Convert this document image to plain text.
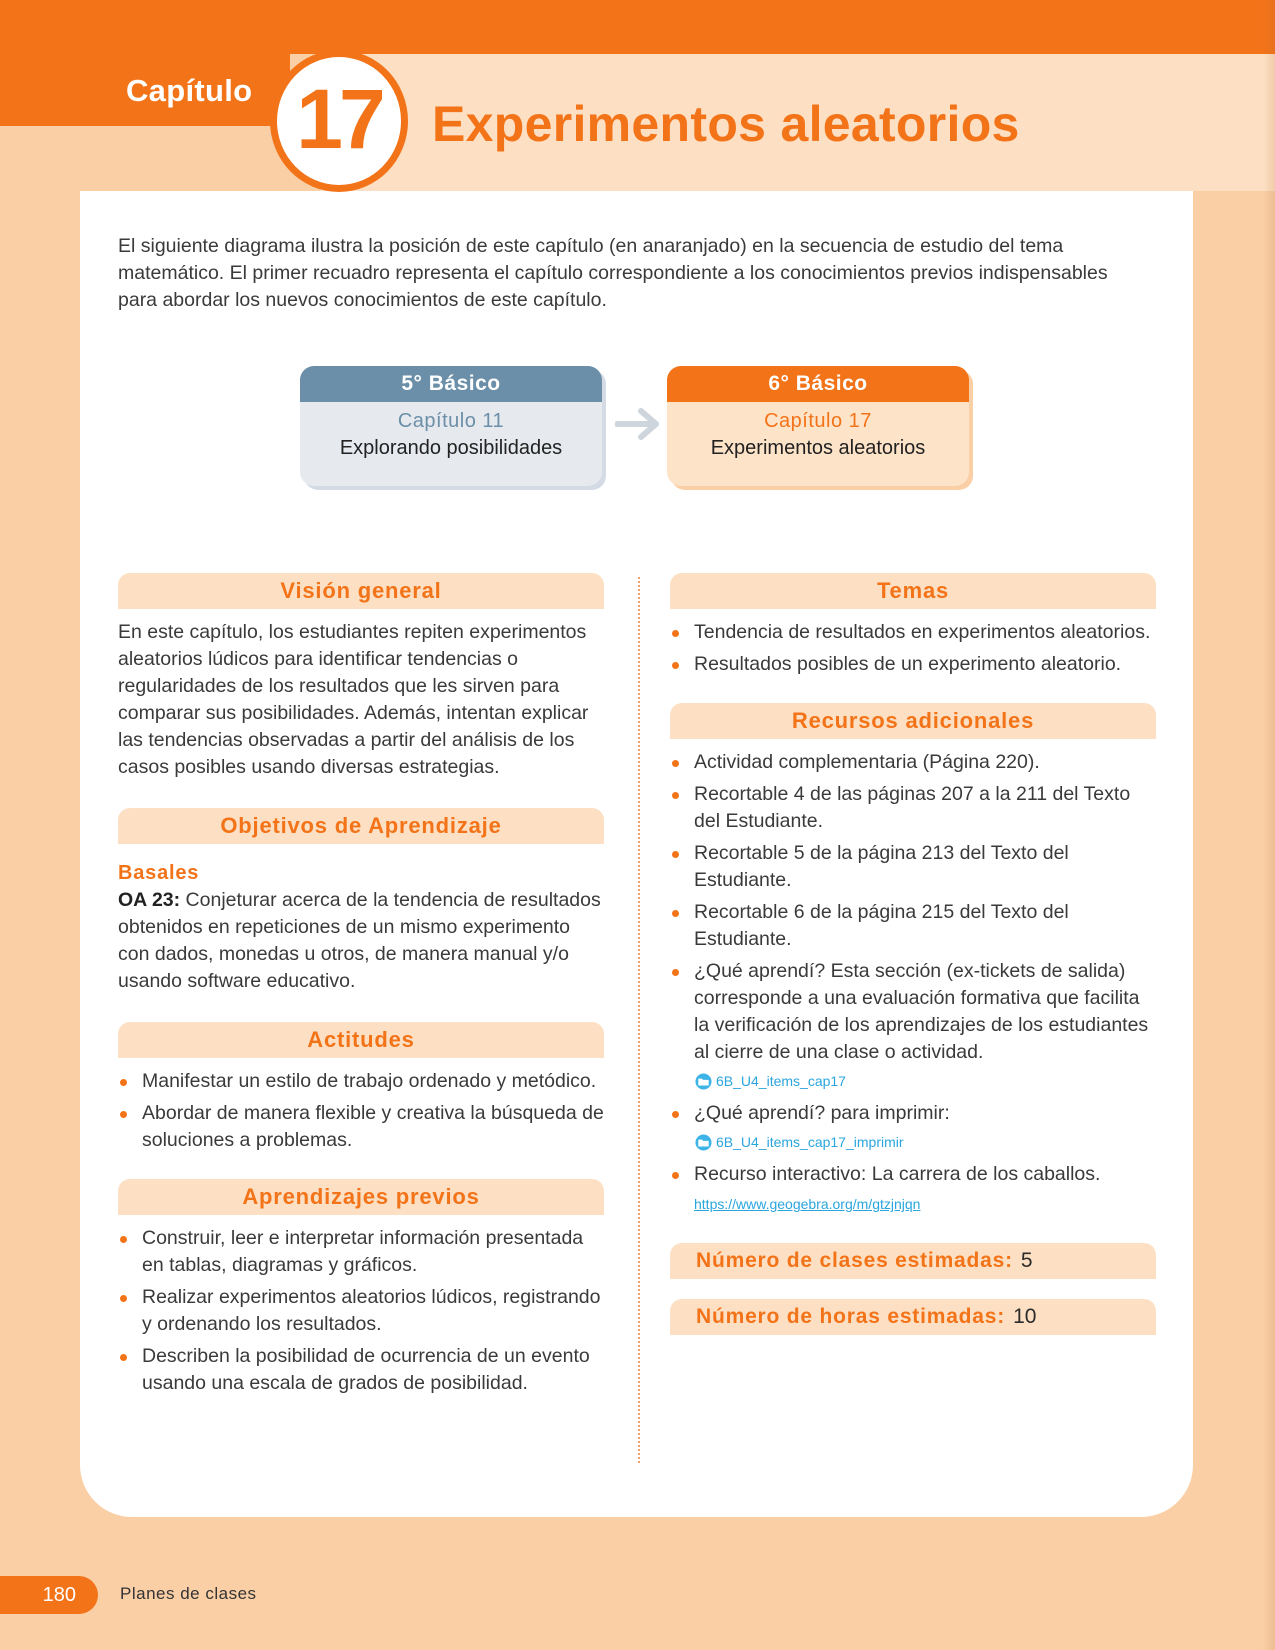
Capítulo 17 Experimentos aleatorios

El siguiente diagrama ilustra la posición de este capítulo (en anaranjado) en la secuencia de estudio del tema matemático. El primer recuadro representa el capítulo correspondiente a los conocimientos previos indispensables para abordar los nuevos conocimientos de este capítulo.

5° Básico
Capítulo 11
Explorando posibilidades
6° Básico
Capítulo 17
Experimentos aleatorios
Visión general

En este capítulo, los estudiantes repiten experimentos aleatorios lúdicos para identificar tendencias o regularidades de los resultados que les sirven para comparar sus posibilidades. Además, intentan explicar las tendencias observadas a partir del análisis de los casos posibles usando diversas estrategias.

Objetivos de Aprendizaje
Basales

OA 23: Conjeturar acerca de la tendencia de resultados obtenidos en repeticiones de un mismo experimento con dados, monedas u otros, de manera manual y/o usando software educativo.

Actitudes
Manifestar un estilo de trabajo ordenado y metódico.
Abordar de manera flexible y creativa la búsqueda de soluciones a problemas.
Aprendizajes previos
Construir, leer e interpretar información presentada en tablas, diagramas y gráficos.
Realizar experimentos aleatorios lúdicos, registrando y ordenando los resultados.
Describen la posibilidad de ocurrencia de un evento usando una escala de grados de posibilidad.
Temas
Tendencia de resultados en experimentos aleatorios.
Resultados posibles de un experimento aleatorio.
Recursos adicionales
Actividad complementaria (Página 220).
Recortable 4 de las páginas 207 a la 211 del Texto del Estudiante.
Recortable 5 de la página 213 del Texto del Estudiante.
Recortable 6 de la página 215 del Texto del Estudiante.
¿Qué aprendí? Esta sección (ex-tickets de salida) corresponde a una evaluación formativa que facilita la verificación de los aprendizajes de los estudiantes al cierre de una clase o actividad.
6B_U4_items_cap17
¿Qué aprendí? para imprimir:
6B_U4_items_cap17_imprimir
Recurso interactivo: La carrera de los caballos.
https://www.geogebra.org/m/gtzjnjqn
Número de clases estimadas: 5
Número de horas estimadas: 10
180	Planes de clases
